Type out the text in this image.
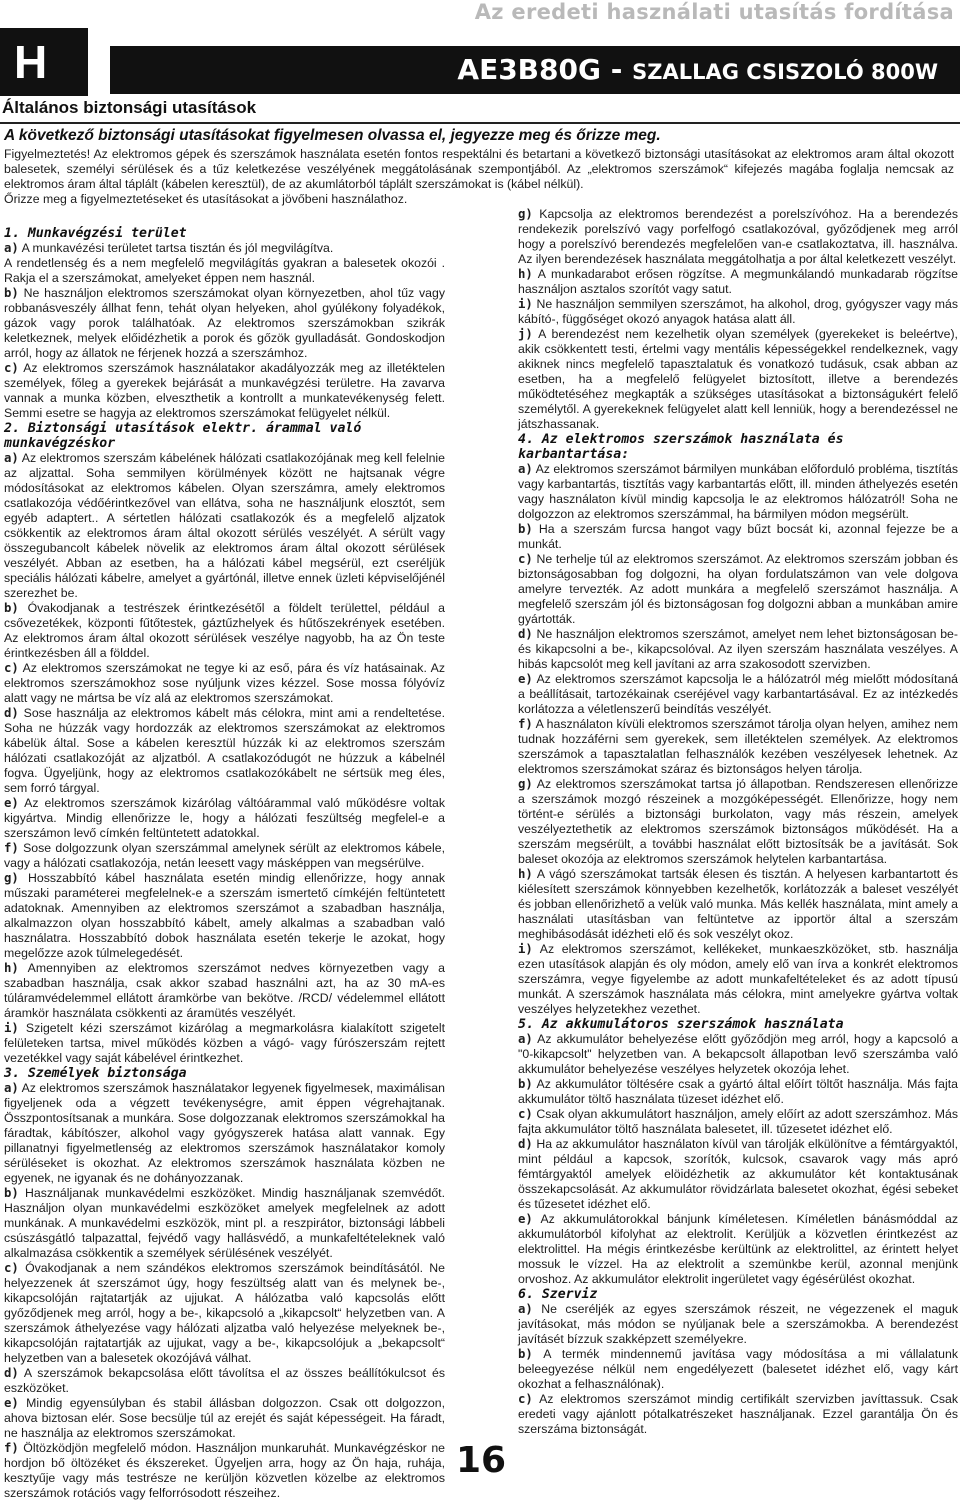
Az eredeti használati utasítás fordítása
H	AE3B80G - SZALLAG CSISZOLÓ 800W
Általános biztonsági utasítások
A következő biztonsági utasításokat figyelmesen olvassa el, jegyezze meg és őrizze meg.

Figyelmeztetés! Az elektromos gépek és szerszámok használata esetén fontos respektálni és betartani a következő biztonsági utasításokat az elektromos aram által okozott balesetek, személyi sérülések és a tűz keletkezése veszélyének meggátolásának szempontjából. Az „elektromos szerszámok“ kifejezés magába foglalja nemcsak az elektromos áram által táplált (kábelen keresztül), de az akumlátorból táplált szerszámokat is (kábel nélkül).

Őrizze meg a figyelmeztetéseket és utasításokat a jövőbeni használathoz.

1. Munkavégzési terület

a) A munkavézési területet tartsa tisztán és jól megvilágítva.

A rendetlenség és a nem megfelelő megvilágítás gyakran a balesetek okozói . Rakja el a szerszámokat, amelyeket éppen nem használ.

b) Ne használjon elektromos szerszámokat olyan környezetben, ahol tűz vagy robbanásveszély állhat fenn, tehát olyan helyeken, ahol gyúlékony folyadékok, gázok vagy porok találhatóak. Az elektromos szerszámokban szikrák keletkeznek, melyek előidézhetik a porok és gőzök gyulladását. Gondoskodjon arról, hogy az állatok ne férjenek hozzá a szerszámhoz.

c) Az elektromos szerszámok használatakor akadályozzák meg az illetéktelen személyek, főleg a gyerekek bejárását a munkavégzési területre. Ha zavarva vannak a munka közben, elveszthetik a kontrollt a munkatevékenység felett. Semmi esetre se hagyja az elektromos szerszámokat felügyelet nélkül.

2. Biztonsági utasítások elektr. árammal való munkavégzéskor

a) Az elektromos szerszám kábelének hálózati csatlakozójának meg kell felelnie az aljzattal. Soha semmilyen körülmények között ne hajtsanak végre módosításokat az elektromos kábelen. Olyan szerszámra, amely elektromos csatlakozója védőérintkezővel van ellátva, soha ne használjunk elosztót, sem egyéb adaptert.. A sértetlen hálózati csatlakozók és a megfelelő aljzatok csökkentik az elektromos áram által okozott sérülés veszélyét. A sérült vagy összegubancolt kábelek növelik az elektromos áram által okozott sérülések veszélyét. Abban az esetben, ha a hálózati kábel megsérül, ezt cseréljük speciális hálózati kábelre, amelyet a gyártónál, illetve ennek üzleti képviselőjénél szerezhet be.

b) Óvakodjanak a testrészek érintkezésétől a földelt területtel, például a csővezetékek, központi fűtőtestek, gáztűzhelyek és hűtőszekrények esetében. Az elektromos áram által okozott sérülések veszélye nagyobb, ha az Ön teste érintkezésben áll a földdel.

c) Az elektromos szerszámokat ne tegye ki az eső, pára és víz hatásainak. Az elektromos szerszámokhoz sose nyúljunk vizes kézzel. Sose mossa fólyóvíz alatt vagy ne mártsa be víz alá az elektromos szerszámokat.

d) Sose használja az elektromos kábelt más célokra, mint ami a rendeltetése. Soha ne húzzák vagy hordozzák az elektromos szerszámokat az elektromos kábelük által. Sose a kábelen keresztül húzzák ki az elektromos szerszám hálózati csatlakozóját az aljzatból. A csatlakozódugót ne húzzuk a kábelnél fogva. Ügyeljünk, hogy az elektromos csatlakozókábelt ne sértsük meg éles, sem forró tárgyal.

e) Az elektromos szerszámok kizárólag váltóárammal való működésre voltak kigyártva. Mindig ellenőrizze le, hogy a hálózati feszültség megfelel-e a szerszámon levő címkén feltüntetett adatokkal.

f) Sose dolgozzunk olyan szerszámmal amelynek sérült az elektromos kábele, vagy a hálózati csatlakozója, netán leesett vagy másképpen van megsérülve.

g) Hosszabbító kábel használata esetén mindig ellenőrizze, hogy annak műszaki paraméterei megfelelnek-e a szerszám ismertető címkéjén feltüntetett adatoknak. Amennyiben az elektromos szerszámot a szabadban használja, alkalmazzon olyan hosszabbító kábelt, amely alkalmas a szabadban való használatra. Hosszabbító dobok használata esetén tekerje le azokat, hogy megelőzze azok túlmelegedését.

h) Amennyiben az elektromos szerszámot nedves környezetben vagy a szabadban használja, csak akkor szabad használni azt, ha az 30 mA-es túláramvédelemmel ellátott áramkörbe van bekötve. /RCD/ védelemmel ellátott áramkör használata csökkenti az áramütés veszélyét.

i) Szigetelt kézi szerszámot kizárólag a megmarkolásra kialakított szigetelt felületeken tartsa, mivel működés közben a vágó- vagy fúrószerszám rejtett vezetékkel vagy saját kábelével érintkezhet.

3. Személyek biztonsága

a) Az elektromos szerszámok használatakor legyenek figyelmesek, maximálisan figyeljenek oda a végzett tevékenységre, amit éppen végrehajtanak. Összpontosítsanak a munkára. Sose dolgozzanak elektromos szerszámokkal ha fáradtak, kábítószer, alkohol vagy gyógyszerek hatása alatt vannak. Egy pillanatnyi figyelmetlenség az elektromos szerszámok használatakor komoly sérüléseket is okozhat. Az elektromos szerszámok használata közben ne egyenek, ne igyanak és ne dohányozzanak.

b) Használjanak munkavédelmi eszközöket. Mindig használjanak szemvédőt. Használjon olyan munkavédelmi eszközöket amelyek megfelelnek az adott munkának. A munkavédelmi eszközök, mint pl. a reszpirátor, biztonsági lábbeli csúszásgátló talpazattal, fejvédő vagy hallásvédő, a munkafeltételeknek való alkalmazása csökkentik a személyek sérülésének veszélyét.

c) Óvakodjanak a nem szándékos elektromos szerszámok beindításától. Ne helyezzenek át szerszámot úgy, hogy feszültség alatt van és melynek be-, kikapcsolóján rajtatartják az ujjukat. A hálózatba való kapcsolás előtt győződjenek meg arról, hogy a be-, kikapcsoló a „kikapcsolt“ helyzetben van. A szerszámok áthelyezése vagy hálózati aljzatba való helyezése melyeknek be-, kikapcsolóján rajtatartják az ujjukat, vagy a be-, kikapcsolójuk a „bekapcsolt“ helyzetben van a balesetek okozójává válhat.

d) A szerszámok bekapcsolása előtt távolítsa el az összes beállítókulcsot és eszközöket.

e) Mindig egyensúlyban és stabil állásban dolgozzon. Csak ott dolgozzon, ahova biztosan elér. Sose becsülje túl az erejét és saját képességeit. Ha fáradt, ne használja az elektromos szerszámokat.

f) Öltözködjön megfelelő módon. Használjon munkaruhát. Munkavégzéskor ne hordjon bő öltözéket és ékszereket. Ügyeljen arra, hogy az Ön haja, ruhája, kesztyűje vagy más testrésze ne kerüljön közvetlen közelbe az elektromos szerszámok rotációs vagy felforrósodott részeihez.

g) Kapcsolja az elektromos berendezést a porelszívóhoz. Ha a berendezés rendekezik porelszívó vagy porfelfogó csatlakozóval, győződjenek meg arról hogy a porelszívó berendezés megfelelően van-e csatlakoztatva, ill. használva. Az ilyen berendezések használata meggátolhatja a por által keletkezett veszélyt.

h) A munkadarabot erősen rögzítse. A megmunkálandó munkadarab rögzítse használjon asztalos szorítót vagy satut.

i) Ne használjon semmilyen szerszámot, ha alkohol, drog, gyógyszer vagy más kábító-, függőséget okozó anyagok hatása alatt áll.

j) A berendezést nem kezelhetik olyan személyek (gyerekeket is beleértve), akik csökkentett testi, értelmi vagy mentális képességekkel rendelkeznek, vagy akiknek nincs megfelelő tapasztalatuk és vonatkozó tudásuk, csak abban az esetben, ha a megfelelő felügyelet biztosított, illetve a berendezés működtetéséhez megkapták a szükséges utasításokat a biztonságukért felelő személytől. A gyerekeknek felügyelet alatt kell lenniük, hogy a berendezéssel ne játszhassanak.

4. Az elektromos szerszámok használata és karbantartása:

a) Az elektromos szerszámot bármilyen munkában előforduló probléma, tisztítás vagy karbantartás, tisztítás vagy karbantartás előtt, ill. minden áthelyezés esetén vagy használaton kívül mindig kapcsolja le az elektromos hálózatról! Soha ne dolgozzon az elektromos szerszámmal, ha bármilyen módon megsérült.

b) Ha a szerszám furcsa hangot vagy bűzt bocsát ki, azonnal fejezze be a munkát.

c) Ne terhelje túl az elektromos szerszámot. Az elektromos szerszám jobban és biztonságosabban fog dolgozni, ha olyan fordulatszámon van vele dolgova amelyre tervezték. Az adott munkára a megfelelő szerszámot használja. A megfelelő szerszám jól és biztonságosan fog dolgozni abban a munkában amire gyártották.

d) Ne használjon elektromos szerszámot, amelyet nem lehet biztonságosan be- és kikapcsolni a be-, kikapcsolóval. Az ilyen szerszám használata veszélyes. A hibás kapcsolót meg kell javítani az arra szakosodott szervizben.

e) Az elektromos szerszámot kapcsolja le a hálózatról még mielőtt módosítaná a beállításait, tartozékainak cseréjével vagy karbantartásával. Ez az intézkedés korlátozza a véletlenszerű beindítás veszélyét.

f) A használaton kívüli elektromos szerszámot tárolja olyan helyen, amihez nem tudnak hozzáférni sem gyerekek, sem illetéktelen személyek. Az elektromos szerszámok a tapasztalatlan felhasználók kezében veszélyesek lehetnek. Az elektromos szerszámokat száraz és biztonságos helyen tárolja.

g) Az elektromos szerszámokat tartsa jó állapotban. Rendszeresen ellenőrizze a szerszámok mozgó részeinek a mozgóképességét. Ellenőrizze, hogy nem történt-e sérülés a biztonsági burkolaton, vagy más részein, amelyek veszélyeztethetik az elektromos szerszámok biztonságos működését. Ha a szerszám megsérült, a további használat előtt biztosítsák be a javítását. Sok baleset okozója az elektromos szerszámok helytelen karbantartása.

h) A vágó szerszámokat tartsák élesen és tisztán. A helyesen karbantartott és kiélesített szerszámok könnyebben kezelhetők, korlátozzák a baleset veszélyét és jobban ellenőrizhető a velük való munka. Más kellék használata, mint amely a használati utasításban van feltüntetve az ipportör által a szerszám meghibásodását idézheti elő és sok veszélyt okoz.

i) Az elektromos szerszámot, kellékeket, munkaeszközöket, stb. használja ezen utasítások alapján és oly módon, amely elő van írva a konkrét elektromos szerszámra, vegye figyelembe az adott munkafeltételeket és az adott típusú munkát. A szerszámok használata más célokra, mint amelyekre gyártva voltak veszélyes helyzetekhez vezethet.

5. Az akkumulátoros szerszámok használata

a) Az akkumulátor behelyezése előtt győződjön meg arról, hogy a kapcsoló a "0-kikapcsolt" helyzetben van. A bekapcsolt állapotban levő szerszámba való akkumulátor behelyezése veszélyes helyzetek okozója lehet.

b) Az akkumulátor töltésére csak a gyártó által előírt töltőt használja. Más fajta akkumulátor töltő használata tüzeset idézhet elő.

c) Csak olyan akkumulátort használjon, amely előírt az adott szerszámhoz. Más fajta akkumulátor töltő használata balesetet, ill. tűzesetet idézhet elő.

d) Ha az akkumulátor használaton kívül van tárolják elkülönítve a fémtárgyaktól, mint például a kapcsok, szorítók, kulcsok, csavarok vagy más apró fémtárgyaktól amelyek elöidézhetik az akkumulátor két kontaktusának összekapcsolását. Az akkumulátor rövidzárlata balesetet okozhat, égési sebeket és tűzesetet idézhet elő.

e) Az akkumulátorokkal bánjunk kíméletesen. Kíméletlen bánásmóddal az akkumulátorból kifolyhat az elektrolit. Kerüljük a közvetlen érintkezést az elektrolittel. Ha mégis érintkezésbe kerültünk az elektrolittel, az érintett helyet mossuk le vízzel. Ha az elektrolit a szemünkbe kerül, azonnal menjünk orvoshoz. Az akkumulátor elektrolit ingerületet vagy égésérülést okozhat.

6. Szerviz

a) Ne cseréljék az egyes szerszámok részeit, ne végezzenek el maguk javításokat, más módon se nyúljanak bele a szerszámokba. A berendezést javításét bízzuk szakképzett személyekre.

b) A termék mindennemű javítása vagy módosítása a mi vállalatunk beleegyezése nélkül nem engedélyezett (balesetet idézhet elő, vagy kárt okozhat a felhasználónak).

c) Az elektromos szerszámot mindig certifikált szervizben javíttassuk. Csak eredeti vagy ajánlott pótalkatrészeket használjanak. Ezzel garantálja Ön és szerszáma biztonságát.

16
